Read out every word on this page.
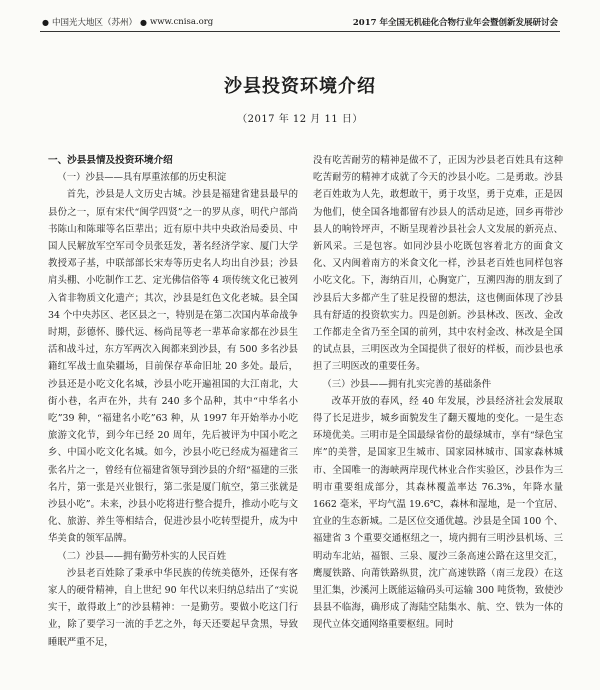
● 中国光大地区（苏州） ● www.cnisa.org	2017 年全国无机硅化合物行业年会暨创新发展研讨会
沙县投资环境介绍
（2017 年 12 月 11 日）
一、沙县县情及投资环境介绍
（一）沙县——具有厚重浓郁的历史积淀

首先，沙县是人文历史古城。沙县是福建省建县最早的县份之一，原有宋代“闽学四贤”之一的罗从彦，明代户部尚书陈山和陈璀等名臣辈出；近有原中共中央政治局委员、中国人民解放军空军司令员张廷发，著名经济学家、厦门大学教授邓子基，中联部部长宋寿等历史名人均出自沙县；沙县肩头棚、小吃制作工艺、定光佛信俗等 4 项传统文化已被列入省非物质文化遗产；其次，沙县是红色文化老城。县全国 34 个中央苏区、老区县之一，特别是在第二次国内革命战争时期，彭德怀、滕代远、杨尚昆等老一辈革命家都在沙县生活和战斗过，东方军两次入闽都来到沙县，有 500 多名沙县籍红军战士血染疆场，目前保存革命旧址 20 多处。最后，沙县还是小吃文化名城，沙县小吃开遍祖国的大江南北，大街小巷，名声在外，共有 240 多个品种，其中“中华名小吃”39 种，“福建名小吃”63 种，从 1997 年开始举办小吃旅游文化节，到今年已经 20 周年，先后被评为中国小吃之乡、中国小吃文化名城。如今，沙县小吃已经成为福建省三张名片之一，曾经有位福建省领导到沙县的介绍“福建的三张名片，第一张是兴业银行，第二张是厦门航空，第三张就是沙县小吃”。未来，沙县小吃将进行整合提升，推动小吃与文化、旅游、养生等相结合，促进沙县小吃转型提升，成为中华美食的领军品牌。

（二）沙县——拥有勤劳朴实的人民百姓

沙县老百姓除了秉承中华民族的传统美德外，还保有客家人的硬骨精神，自上世纪 90 年代以来归纳总结出了“实说实干，敢得敢上”的沙县精神：一是勤劳。要做小吃这门行业，除了要学习一流的手艺之外，每天还要起早贪黑，导致睡眠严重不足，

没有吃苦耐劳的精神是做不了，正因为沙县老百姓具有这种吃苦耐劳的精神才成就了今天的沙县小吃。二是勇敢。沙县老百姓敢为人先，敢想敢干，勇于攻坚，勇于克难，正是因为他们，使全国各地都留有沙县人的活动足迹，回乡再带沙县人的响铃坪声，不断呈现着沙县社会人文发展的新亮点、新风采。三是包容。如同沙县小吃既包容着北方的面食文化、又内闽着南方的米食文化一样，沙县老百姓也同样包容小吃文化。下，海纳百川，心胸宽广，互溯四海的朋友到了沙县后大多都产生了驻足投留的想法，这也侧面体现了沙县具有舒适的投资软实力。四是创新。沙县林改、医改、金改工作都走全省乃至全国的前列，其中农村金改、林改是全国的试点县，三明医改为全国提供了很好的样板，而沙县也承担了三明医改的重要任务。

（三）沙县——拥有扎实完善的基础条件

改革开放的春风，经 40 年发展，沙县经济社会发展取得了长足进步，城乡面貌发生了翻天覆地的变化。一是生态环境优美。三明市是全国最绿省份的最绿城市，享有“绿色宝库”的美誉，是国家卫生城市、国家园林城市、国家森林城市、全国唯一的海峡两岸现代林业合作实验区，沙县作为三明市重要组成部分，其森林覆盖率达 76.3%，年降水量 1662 毫米，平均气温 19.6℃，森林和湿地，是一个宜居、宜业的生态新城。二是区位交通优越。沙县是全国 100 个、福建省 3 个重要交通枢纽之一，境内拥有三明沙县机场、三明动车北站，福银、三泉、厦沙三条高速公路在这里交汇，鹰厦铁路、向莆铁路纵贯，沈广高速铁路（南三龙段）在这里汇集，沙溪河上既能运输码头可运输 300 吨货物，致使沙县县不临海，确形成了海陆空陆集水、航、空、铁为一体的现代立体交通网络重要枢纽。同时
